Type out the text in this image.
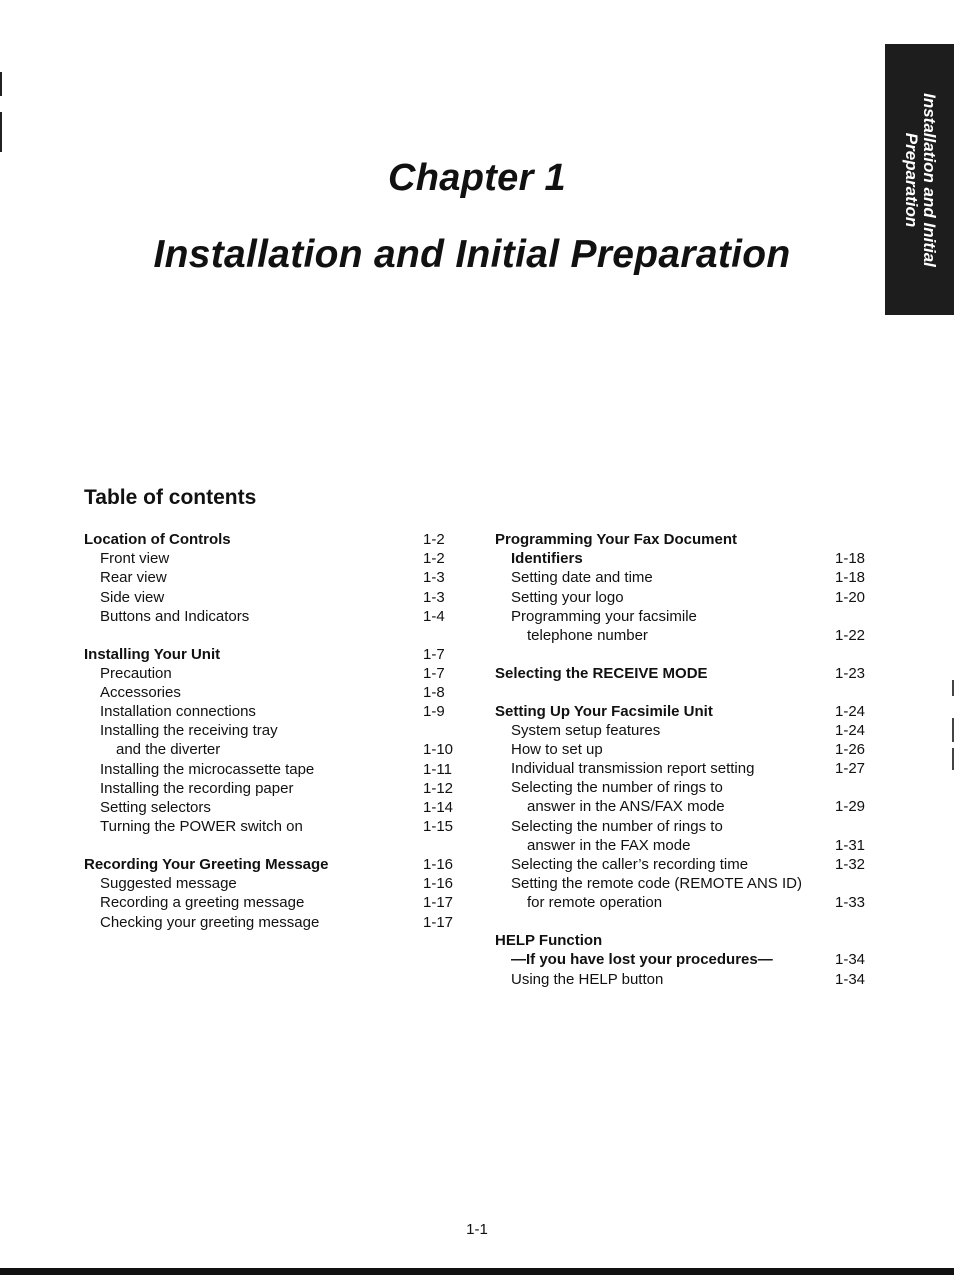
Installation and Initial
Preparation
Chapter 1
Installation and Initial Preparation
Table of contents
Location of Controls	1-2
Front view	1-2
Rear view	1-3
Side view	1-3
Buttons and Indicators	1-4
Installing Your Unit	1-7
Precaution	1-7
Accessories	1-8
Installation connections	1-9
Installing the receiving tray
and the diverter	1-10
Installing the microcassette tape	1-11
Installing the recording paper	1-12
Setting selectors	1-14
Turning the POWER switch on	1-15
Recording Your Greeting Message	1-16
Suggested message	1-16
Recording a greeting message	1-17
Checking your greeting message	1-17
Programming Your Fax Document
Identifiers	1-18
Setting date and time	1-18
Setting your logo	1-20
Programming your facsimile
telephone number	1-22
Selecting the RECEIVE MODE	1-23
Setting Up Your Facsimile Unit	1-24
System setup features	1-24
How to set up	1-26
Individual transmission report setting	1-27
Selecting the number of rings to
answer in the ANS/FAX mode	1-29
Selecting the number of rings to
answer in the FAX mode	1-31
Selecting the caller’s recording time	1-32
Setting the remote code (REMOTE ANS ID)
for remote operation	1-33
HELP Function
—If you have lost your procedures—	1-34
Using the HELP button	1-34
1-1
